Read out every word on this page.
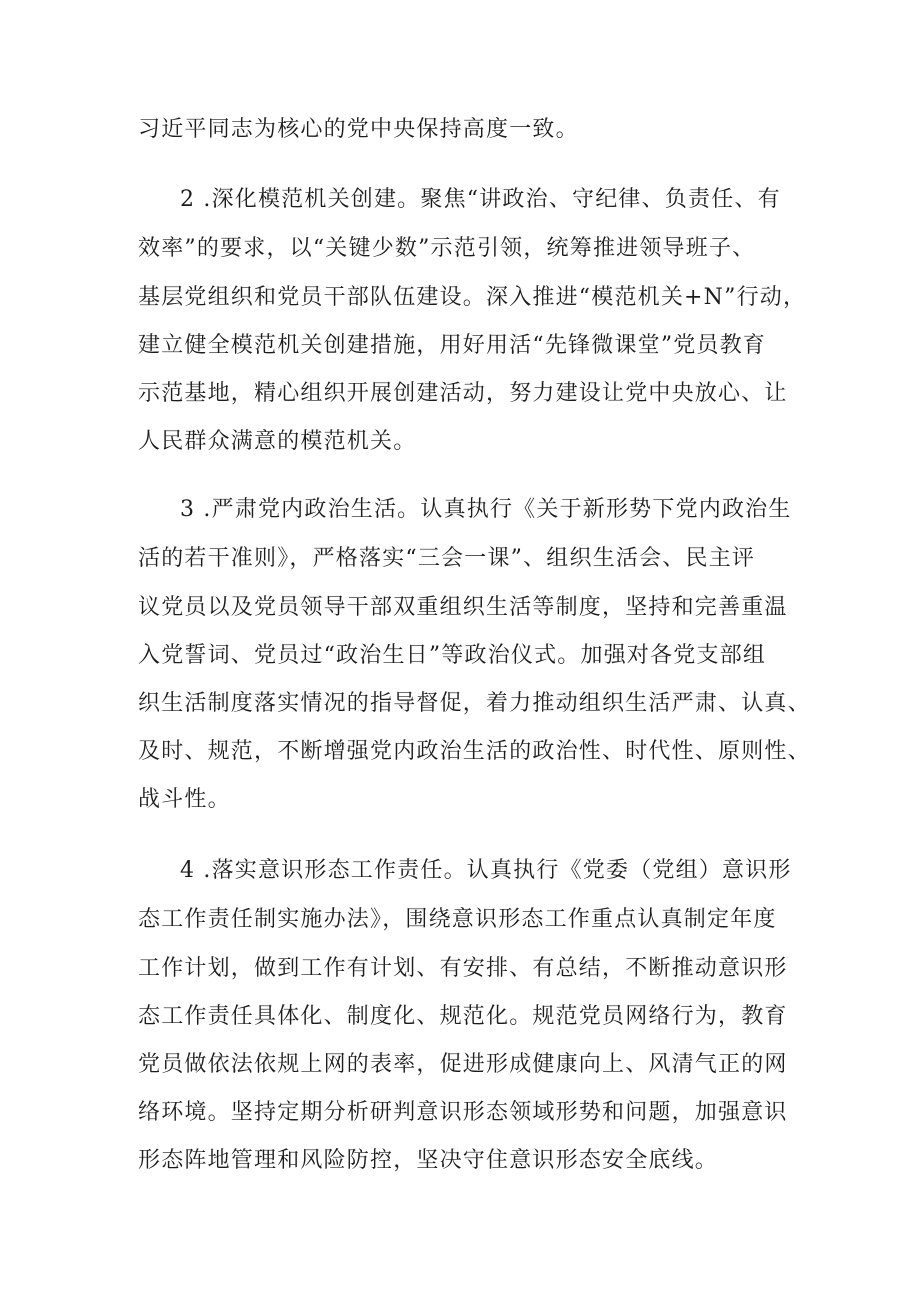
习近平同志为核心的党中央保持高度一致。

2 .深化模范机关创建。聚焦“讲政治、守纪律、负责任、有

效率”的要求，以“关键少数”示范引领，统筹推进领导班子、

基层党组织和党员干部队伍建设。深入推进“模范机关+N”行动，

建立健全模范机关创建措施，用好用活“先锋微课堂”党员教育

示范基地，精心组织开展创建活动，努力建设让党中央放心、让

人民群众满意的模范机关。

3 .严肃党内政治生活。认真执行《关于新形势下党内政治生

活的若干准则》，严格落实“三会一课”、组织生活会、民主评

议党员以及党员领导干部双重组织生活等制度，坚持和完善重温

入党誓词、党员过“政治生日”等政治仪式。加强对各党支部组

织生活制度落实情况的指导督促，着力推动组织生活严肃、认真、

及时、规范，不断增强党内政治生活的政治性、时代性、原则性、

战斗性。

4 .落实意识形态工作责任。认真执行《党委（党组）意识形

态工作责任制实施办法》，围绕意识形态工作重点认真制定年度

工作计划，做到工作有计划、有安排、有总结，不断推动意识形

态工作责任具体化、制度化、规范化。规范党员网络行为，教育

党员做依法依规上网的表率，促进形成健康向上、风清气正的网

络环境。坚持定期分析研判意识形态领域形势和问题，加强意识

形态阵地管理和风险防控，坚决守住意识形态安全底线。
